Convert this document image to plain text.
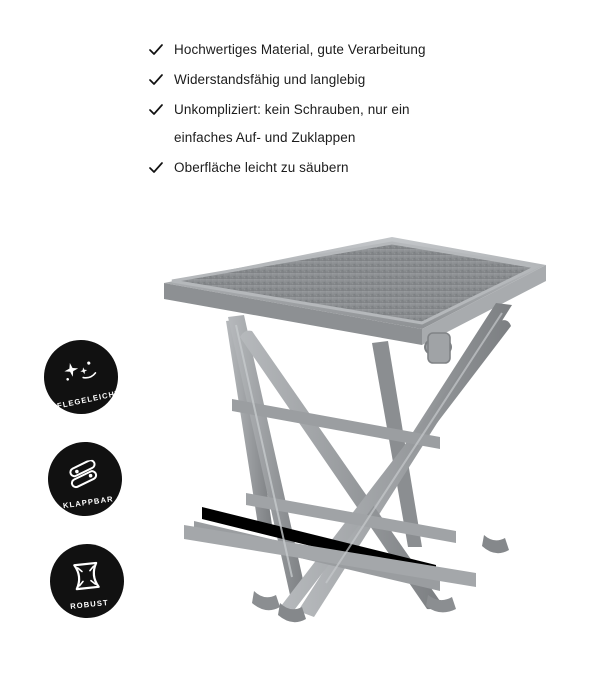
Hochwertiges Material, gute Verarbeitung
Widerstandsfähig und langlebig
Unkompliziert: kein Schrauben, nur ein
einfaches Auf- und Zuklappen
Oberfläche leicht zu säubern
PFLEGELEICHT
KLAPPBAR
ROBUST
